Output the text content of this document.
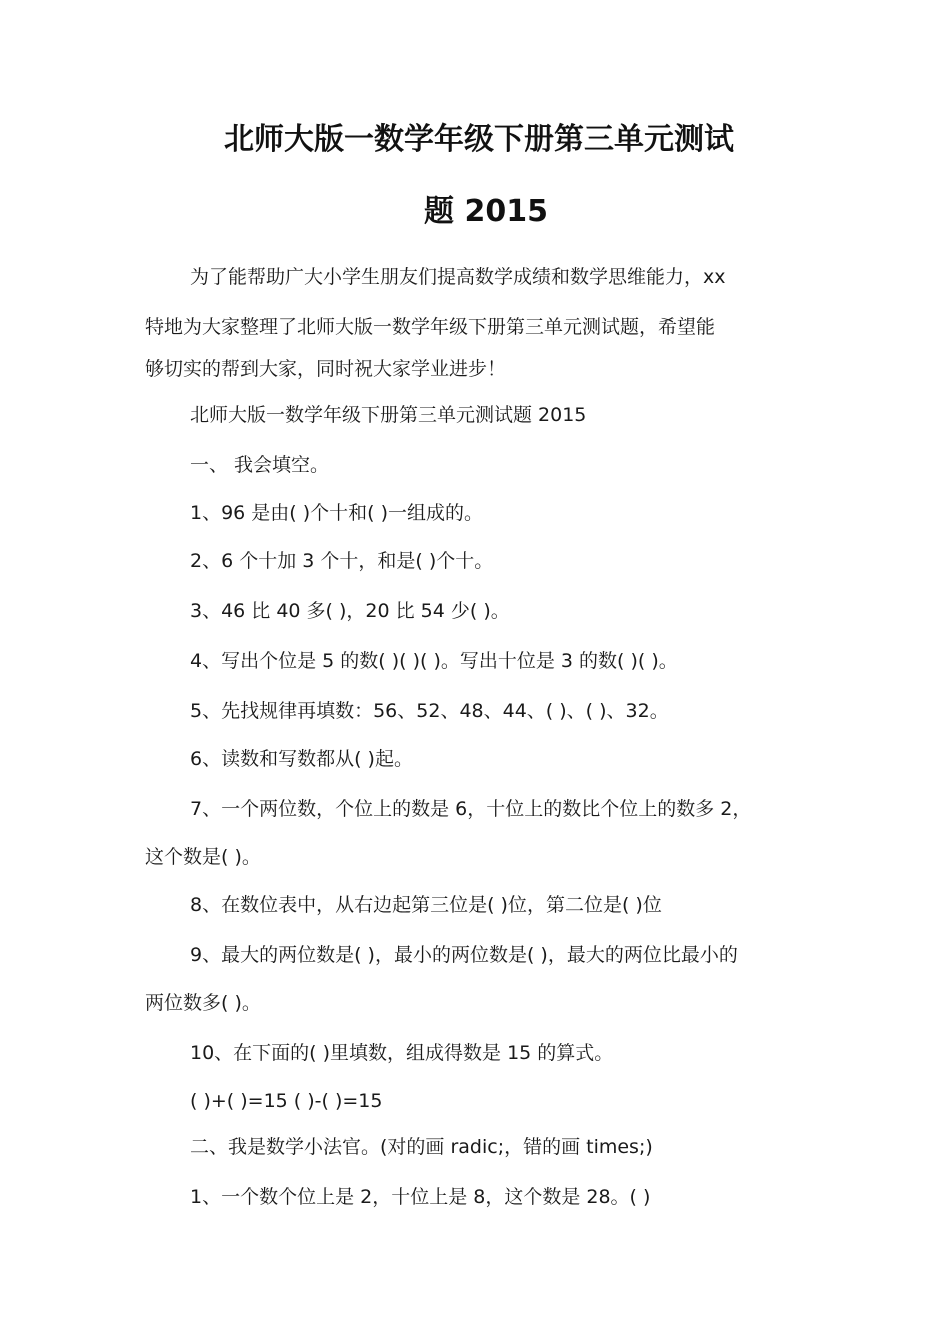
北师大版一数学年级下册第三单元测试
题 2015
为了能帮助广大小学生朋友们提高数学成绩和数学思维能力，xx
特地为大家整理了北师大版一数学年级下册第三单元测试题，希望能
够切实的帮到大家，同时祝大家学业进步！
北师大版一数学年级下册第三单元测试题 2015
一、 我会填空。
1、96 是由( )个十和( )一组成的。
2、6 个十加 3 个十，和是( )个十。
3、46 比 40 多( )，20 比 54 少( )。
4、写出个位是 5 的数( )( )( )。写出十位是 3 的数( )( )。
5、先找规律再填数：56、52、48、44、( )、( )、32。
6、读数和写数都从( )起。
7、一个两位数，个位上的数是 6，十位上的数比个位上的数多 2，
这个数是( )。
8、在数位表中，从右边起第三位是( )位，第二位是( )位
9、最大的两位数是( )，最小的两位数是( )，最大的两位比最小的
两位数多( )。
10、在下面的( )里填数，组成得数是 15 的算式。
( )+( )=15 ( )-( )=15
二、我是数学小法官。(对的画 radic;，错的画 times;)
1、一个数个位上是 2，十位上是 8，这个数是 28。( )
